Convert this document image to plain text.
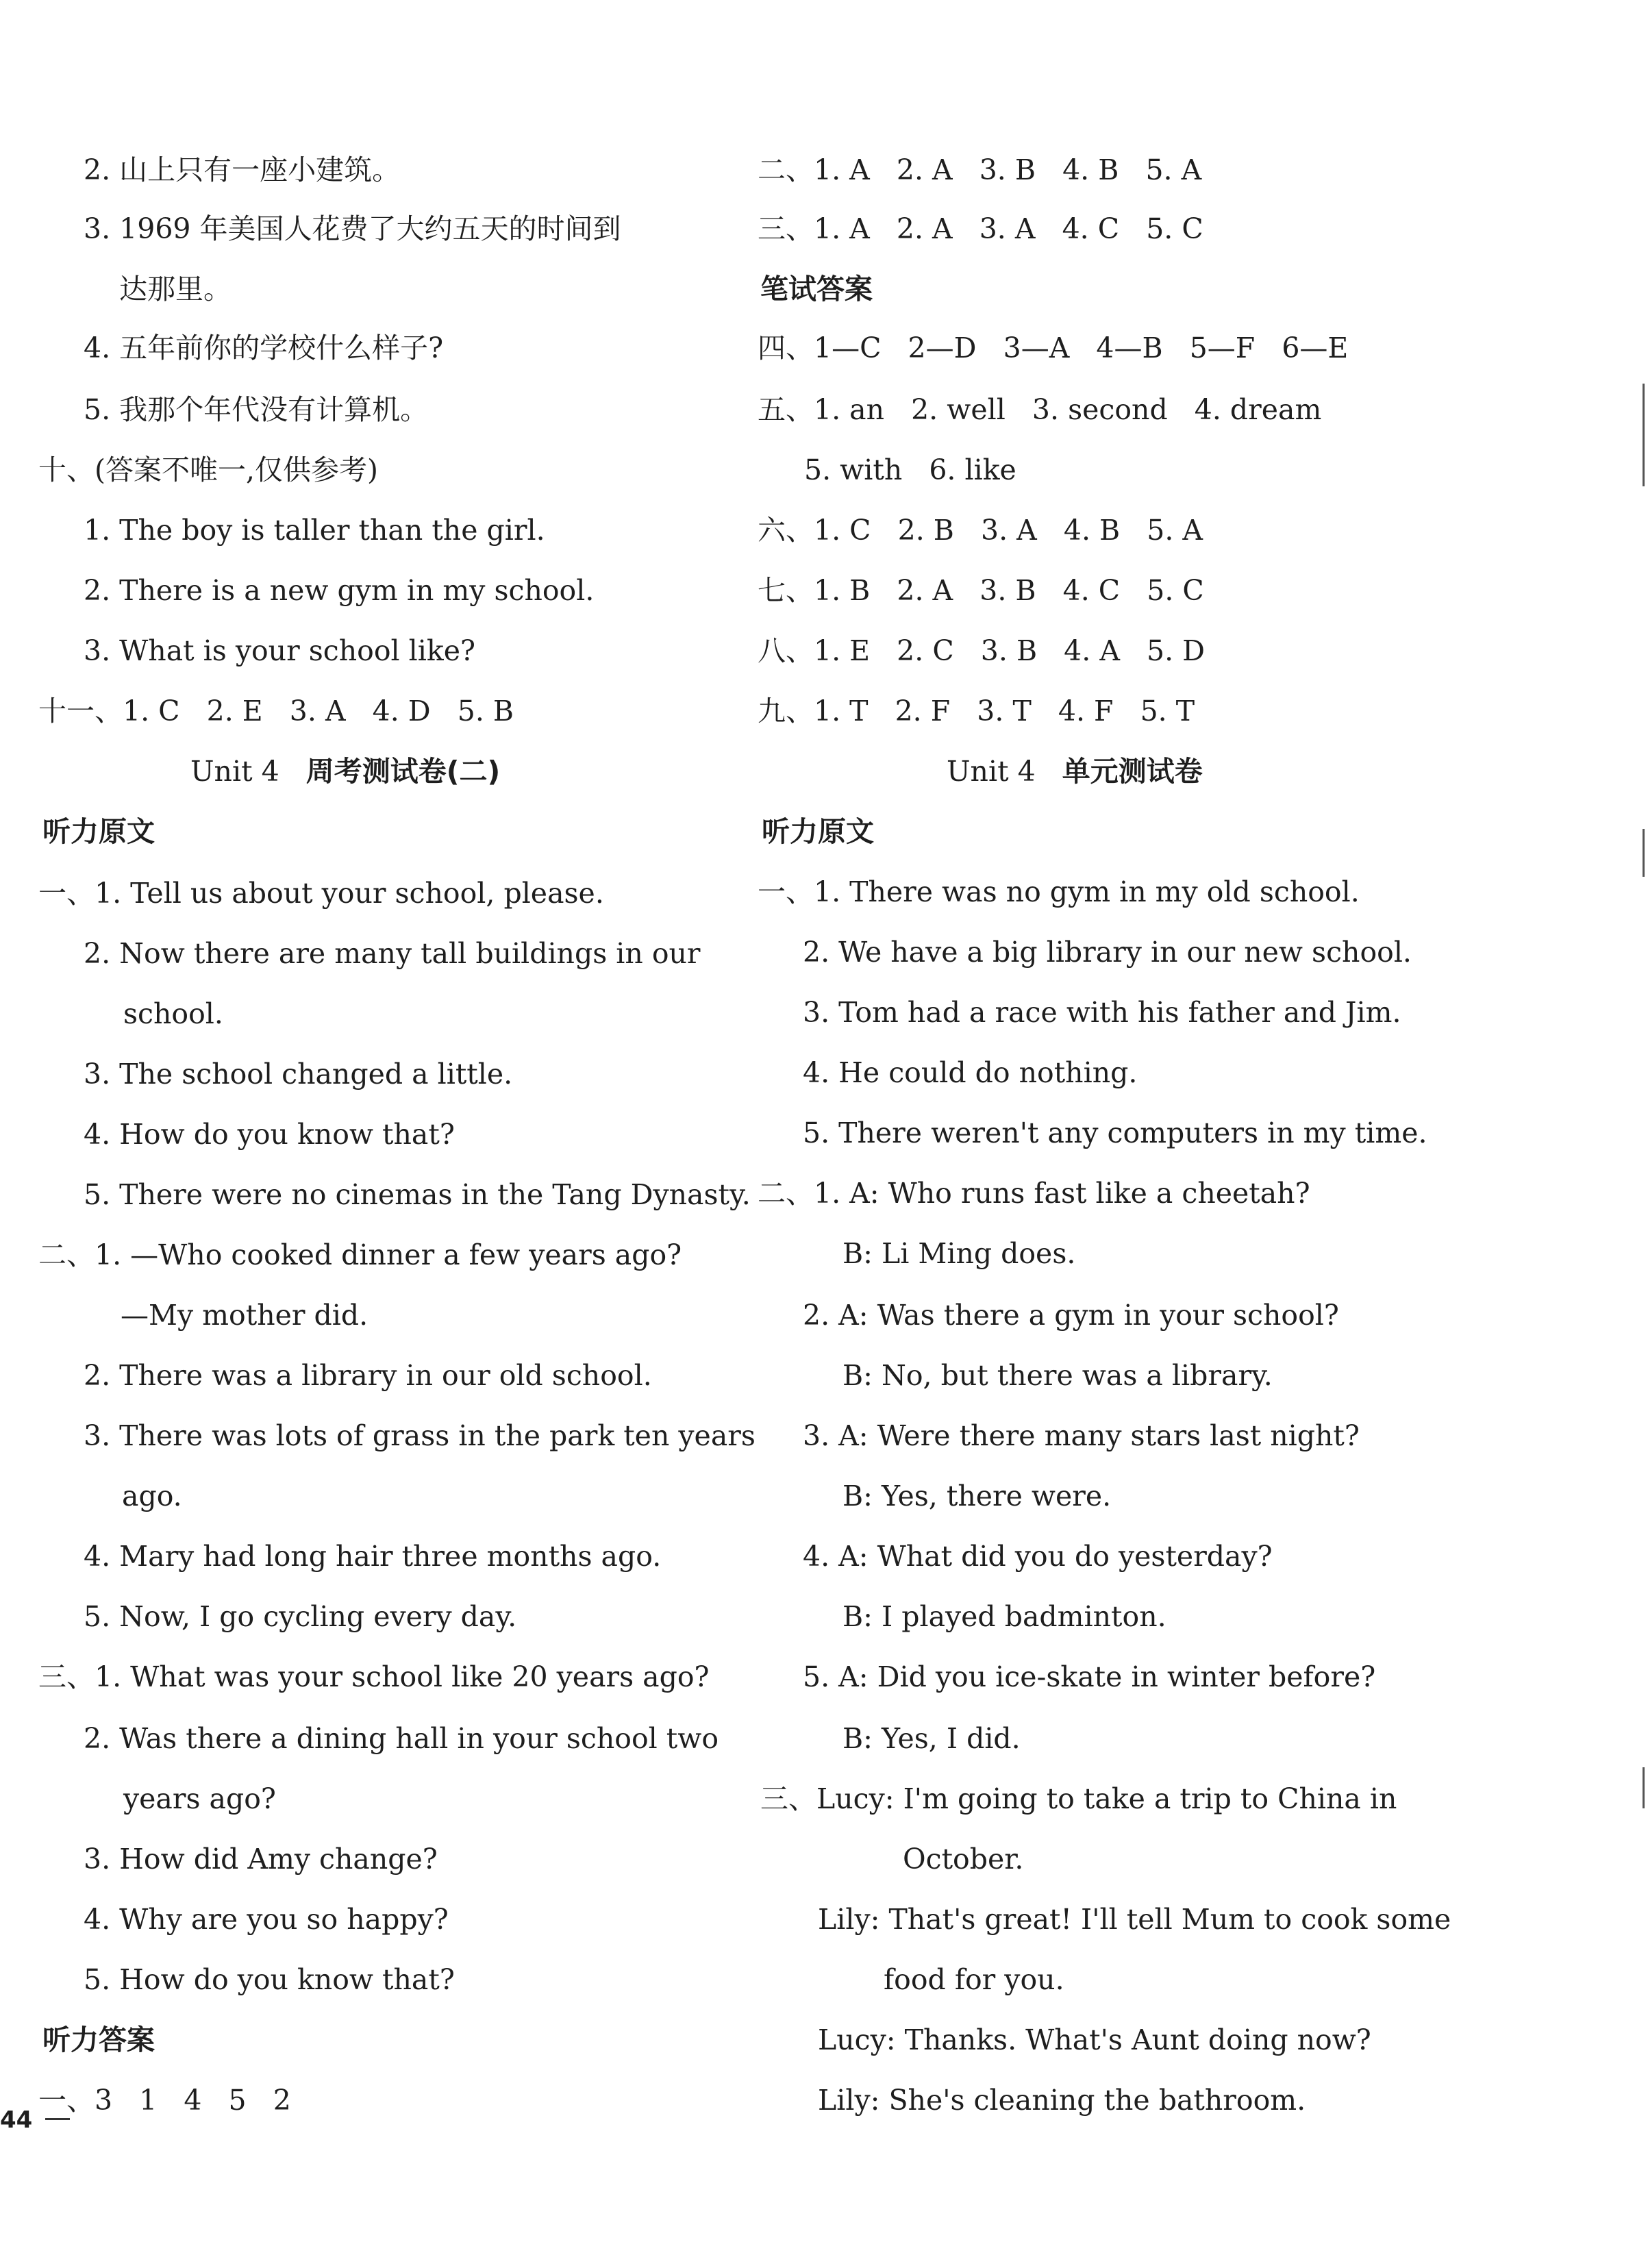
2. 山上只有一座小建筑。
3. 1969 年美国人花费了大约五天的时间到
达那里。
4. 五年前你的学校什么样子?
5. 我那个年代没有计算机。
十、(答案不唯一,仅供参考)
1. The boy is taller than the girl.
2. There is a new gym in my school.
3. What is your school like?
十一、1. C   2. E   3. A   4. D   5. B
Unit 4 周考测试卷(二)
听力原文
一、1. Tell us about your school, please.
2. Now there are many tall buildings in our
school.
3. The school changed a little.
4. How do you know that?
5. There were no cinemas in the Tang Dynasty.
二、1. —Who cooked dinner a few years ago?
—My mother did.
2. There was a library in our old school.
3. There was lots of grass in the park ten years
ago.
4. Mary had long hair three months ago.
5. Now, I go cycling every day.
三、1. What was your school like 20 years ago?
2. Was there a dining hall in your school two
years ago?
3. How did Amy change?
4. Why are you so happy?
5. How do you know that?
听力答案
一、3   1   4   5   2
二、1. A   2. A   3. B   4. B   5. A
三、1. A   2. A   3. A   4. C   5. C
笔试答案
四、1—C   2—D   3—A   4—B   5—F   6—E
五、1. an   2. well   3. second   4. dream
5. with   6. like
六、1. C   2. B   3. A   4. B   5. A
七、1. B   2. A   3. B   4. C   5. C
八、1. E   2. C   3. B   4. A   5. D
九、1. T   2. F   3. T   4. F   5. T
Unit 4 单元测试卷
听力原文
一、1. There was no gym in my old school.
2. We have a big library in our new school.
3. Tom had a race with his father and Jim.
4. He could do nothing.
5. There weren't any computers in my time.
二、1. A: Who runs fast like a cheetah?
B: Li Ming does.
2. A: Was there a gym in your school?
B: No, but there was a library.
3. A: Were there many stars last night?
B: Yes, there were.
4. A: What did you do yesterday?
B: I played badminton.
5. A: Did you ice-skate in winter before?
B: Yes, I did.
三、Lucy: I'm going to take a trip to China in
October.
Lily: That's great! I'll tell Mum to cook some
food for you.
Lucy: Thanks. What's Aunt doing now?
Lily: She's cleaning the bathroom.
44
